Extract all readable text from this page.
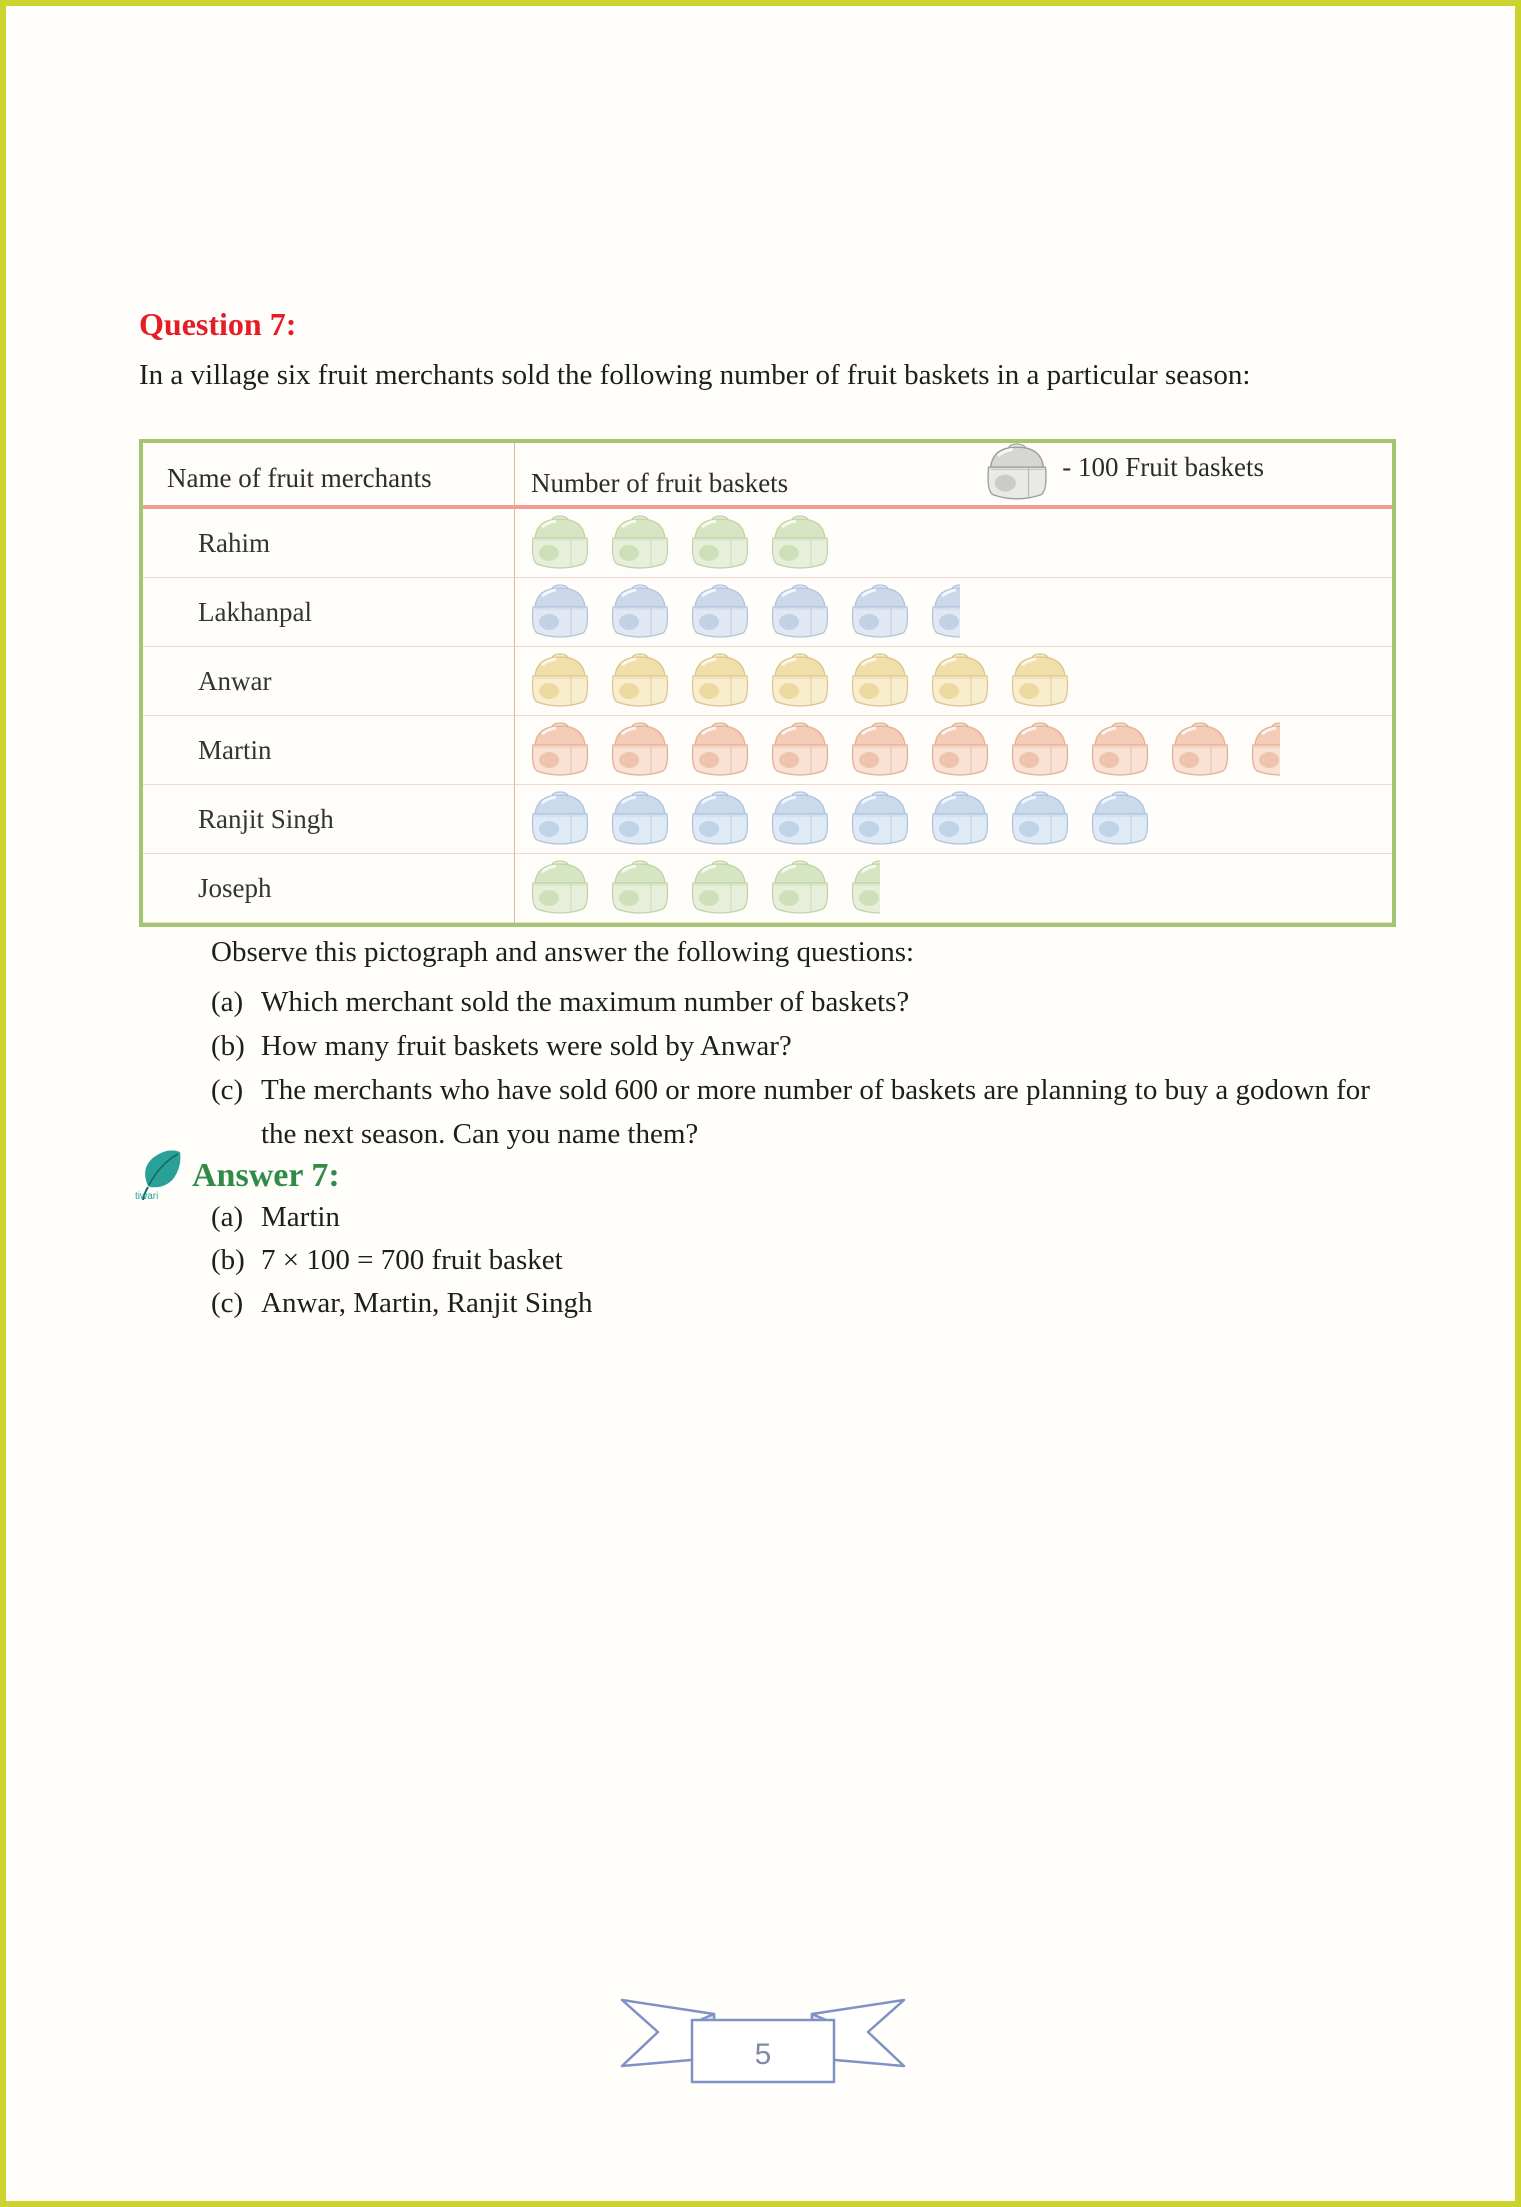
Question 7:
In a village six fruit merchants sold the following number of fruit baskets in a particular season:
Name of fruit merchants	Number of fruit baskets
- 100 Fruit baskets
Rahim
Lakhanpal
Anwar
Martin
Ranjit Singh
Joseph
Observe this pictograph and answer the following questions:
(a) Which merchant sold the maximum number of baskets?
(b) How many fruit baskets were sold by Anwar?
(c) The merchants who have sold 600 or more number of baskets are planning to buy a godown for the next season. Can you name them?
tiwari
Answer 7:
(a) Martin
(b) 7 × 100 = 700 fruit basket
(c) Anwar, Martin, Ranjit Singh
5
